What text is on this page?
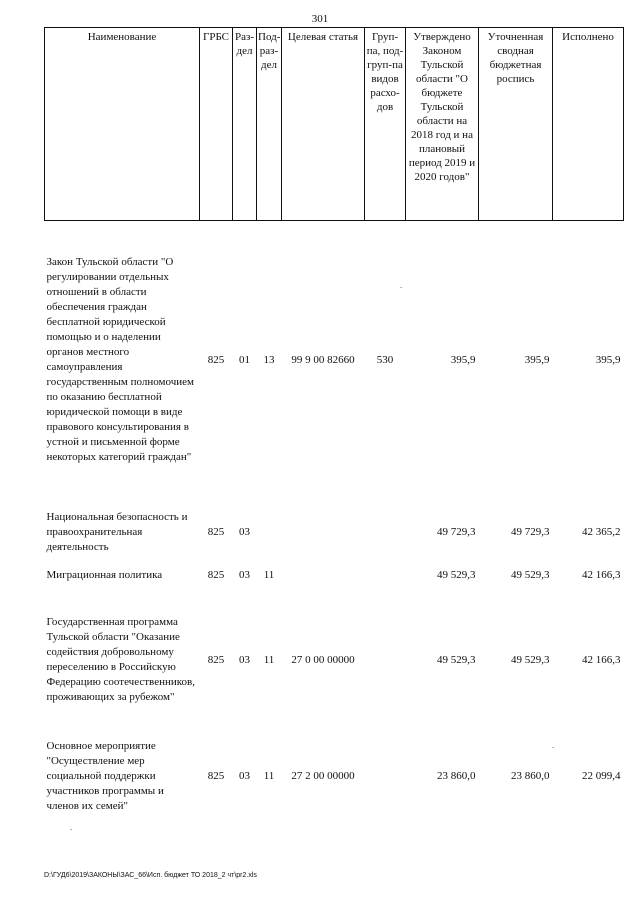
301
Наименование	ГРБС	Раз-дел	Под-раз-дел	Целевая статья	Груп-па, под-груп-па видов расхо-дов	Утверждено Законом Тульской области "О бюджете Тульской области на 2018 год и на плановый период 2019 и 2020 годов"	Уточненная сводная бюджетная роспись	Исполнено

Закон Тульской области "О регулировании отдельных отношений в области обеспечения граждан бесплатной юридической помощью и о наделении органов местного самоуправления государственным полномочием по оказанию бесплатной юридической помощи в виде правового консультирования в устной и письменной форме некоторых категорий граждан"	825	01	13	99 9 00 82660	530	395,9	395,9	395,9

Национальная безопасность и правоохранительная деятельность	825	03				49 729,3	49 729,3	42 365,2

Миграционная политика	825	03	11			49 529,3	49 529,3	42 166,3

Государственная программа Тульской области "Оказание содействия добровольному переселению в Российскую Федерацию соотечественников, проживающих за рубежом"	825	03	11	27 0 00 00000		49 529,3	49 529,3	42 166,3

Основное мероприятие "Осуществление мер социальной поддержки участников программы и членов их семей"	825	03	11	27 2 00 00000		23 860,0	23 860,0	22 099,4
.
.
.
D:\ГУД6\2019\ЗАКОНЫ\ЗАС_66\Исп. бюджет ТО 2018_2 чт\pr2.xls
